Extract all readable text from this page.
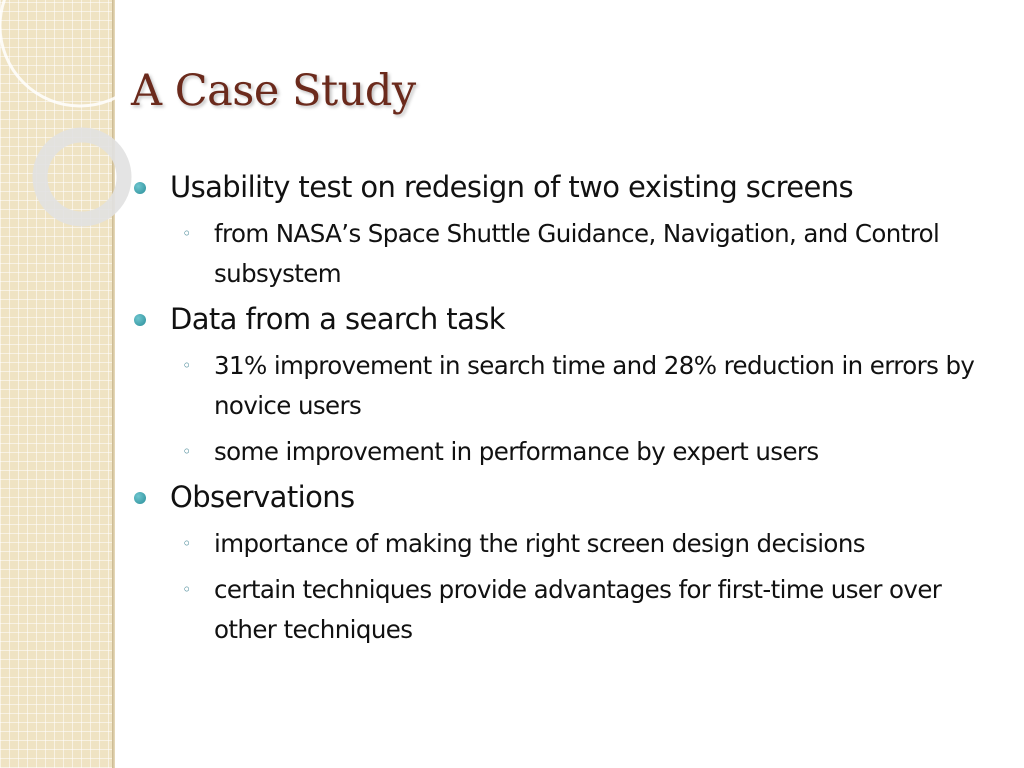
A Case Study
Usability test on redesign of two existing screens
◦ from NASA’s Space Shuttle Guidance, Navigation, and Control subsystem
Data from a search task
◦ 31% improvement in search time and 28% reduction in errors by novice users
◦ some improvement in performance by expert users
Observations
◦ importance of making the right screen design decisions
◦ certain techniques provide advantages for first-time user over other techniques
